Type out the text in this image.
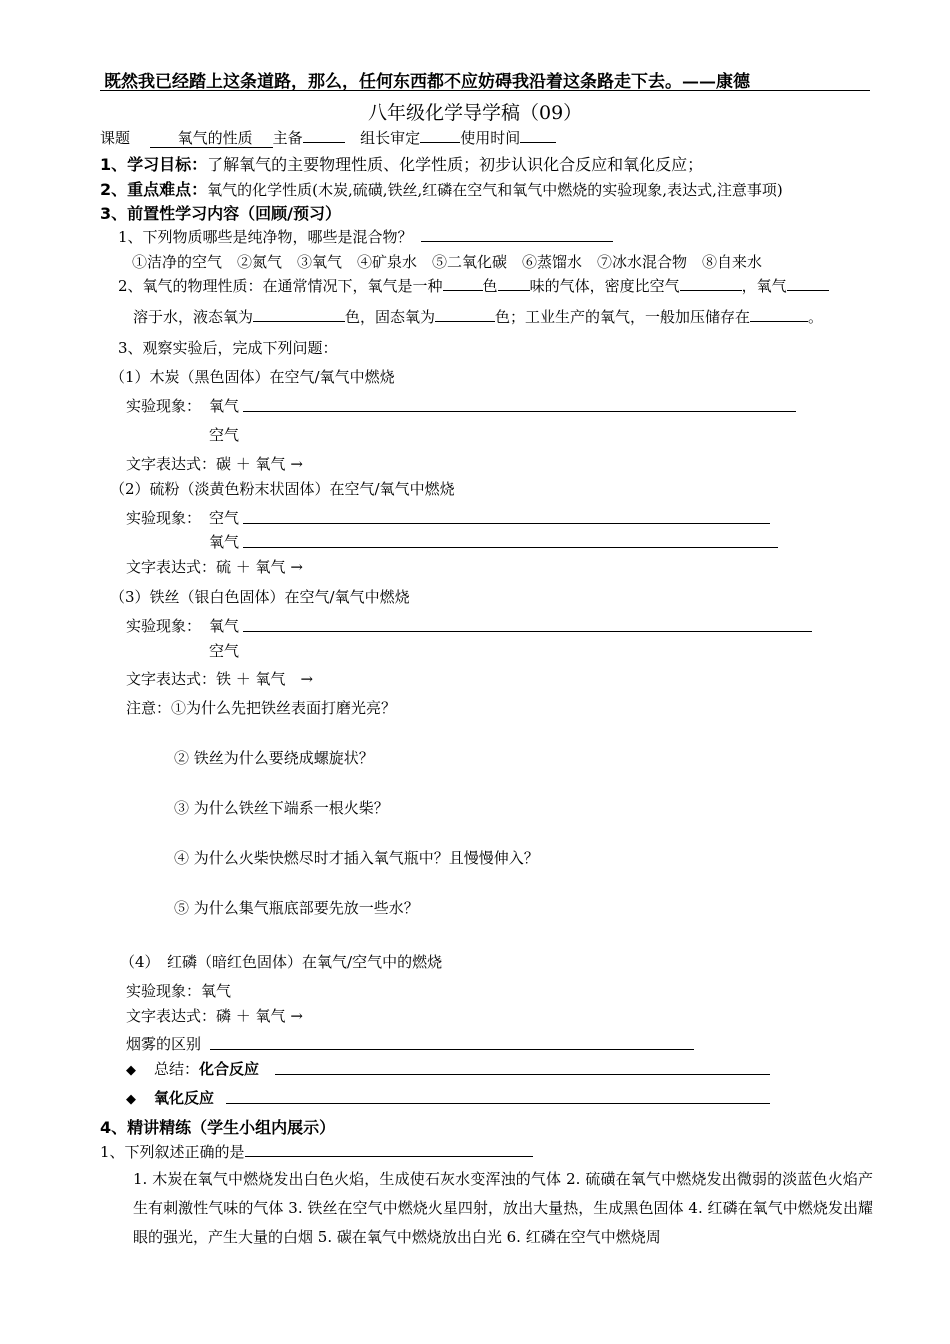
既然我已经踏上这条道路，那么，任何东西都不应妨碍我沿着这条路走下去。——康德
八年级化学导学稿（09）
课题	氧气的性质 主备	组长审定	使用时间
1、学习目标：了解氧气的主要物理性质、化学性质；初步认识化合反应和氧化反应；
2、重点难点：氧气的化学性质(木炭,硫磺,铁丝,红磷在空气和氧气中燃烧的实验现象,表达式,注意事项)
3、前置性学习内容（回顾/预习）
1、下列物质哪些是纯净物，哪些是混合物？
①洁净的空气　②氮气　③氧气　④矿泉水　⑤二氧化碳　⑥蒸馏水　⑦冰水混合物　⑧自来水
2、氧气的物理性质：在通常情况下，氧气是一种	色 味的气体，密度比空气	，氧气
溶于水，液态氧为	色，固态氧为	色；工业生产的氧气，一般加压储存在	。
3、观察实验后，完成下列问题：
（1）木炭（黑色固体）在空气/氧气中燃烧
实验现象： 氧气
空气
文字表达式：碳 ＋ 氧气 →
（2）硫粉（淡黄色粉末状固体）在空气/氧气中燃烧
实验现象： 空气
氧气
文字表达式：硫 ＋ 氧气 →
（3）铁丝（银白色固体）在空气/氧气中燃烧
实验现象： 氧气
空气
文字表达式：铁 ＋ 氧气　→
注意：①为什么先把铁丝表面打磨光亮？
② 铁丝为什么要绕成螺旋状？
③ 为什么铁丝下端系一根火柴？
④ 为什么火柴快燃尽时才插入氧气瓶中？且慢慢伸入？
⑤ 为什么集气瓶底部要先放一些水？
（4）　红磷（暗红色固体）在氧气/空气中的燃烧
实验现象：氧气
文字表达式：磷 ＋ 氧气 →
烟雾的区别
◆ 总结：化合反应
◆ 氧化反应
4、精讲精练（学生小组内展示）
1、下列叙述正确的是
1. 木炭在氧气中燃烧发出白色火焰，生成使石灰水变浑浊的气体 2. 硫磺在氧气中燃烧发出微弱的淡蓝色火焰产生有刺激性气味的气体 3. 铁丝在空气中燃烧火星四射，放出大量热，生成黑色固体 4. 红磷在氧气中燃烧发出耀眼的强光，产生大量的白烟 5. 碳在氧气中燃烧放出白光 6. 红磷在空气中燃烧周
